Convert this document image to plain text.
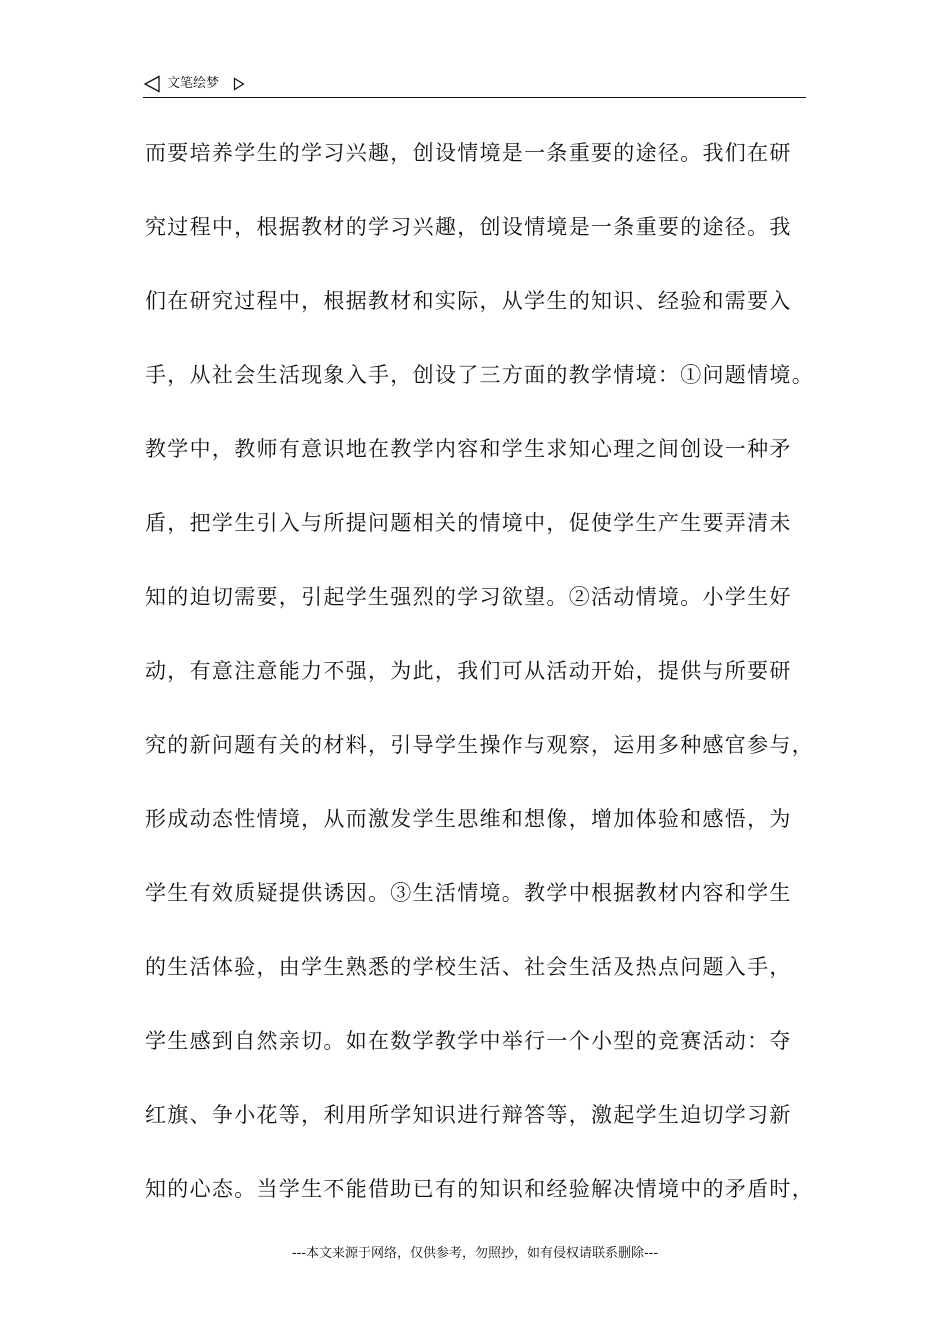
文笔绘梦
而要培养学生的学习兴趣，创设情境是一条重要的途径。我们在研
究过程中，根据教材的学习兴趣，创设情境是一条重要的途径。我
们在研究过程中，根据教材和实际，从学生的知识、经验和需要入
手，从社会生活现象入手，创设了三方面的教学情境：①问题情境。
教学中，教师有意识地在教学内容和学生求知心理之间创设一种矛
盾，把学生引入与所提问题相关的情境中，促使学生产生要弄清未
知的迫切需要，引起学生强烈的学习欲望。②活动情境。小学生好
动，有意注意能力不强，为此，我们可从活动开始，提供与所要研
究的新问题有关的材料，引导学生操作与观察，运用多种感官参与，
形成动态性情境，从而激发学生思维和想像，增加体验和感悟，为
学生有效质疑提供诱因。③生活情境。教学中根据教材内容和学生
的生活体验，由学生熟悉的学校生活、社会生活及热点问题入手，
学生感到自然亲切。如在数学教学中举行一个小型的竞赛活动：夺
红旗、争小花等，利用所学知识进行辩答等，激起学生迫切学习新
知的心态。当学生不能借助已有的知识和经验解决情境中的矛盾时，
---本文来源于网络，仅供参考，勿照抄，如有侵权请联系删除---
